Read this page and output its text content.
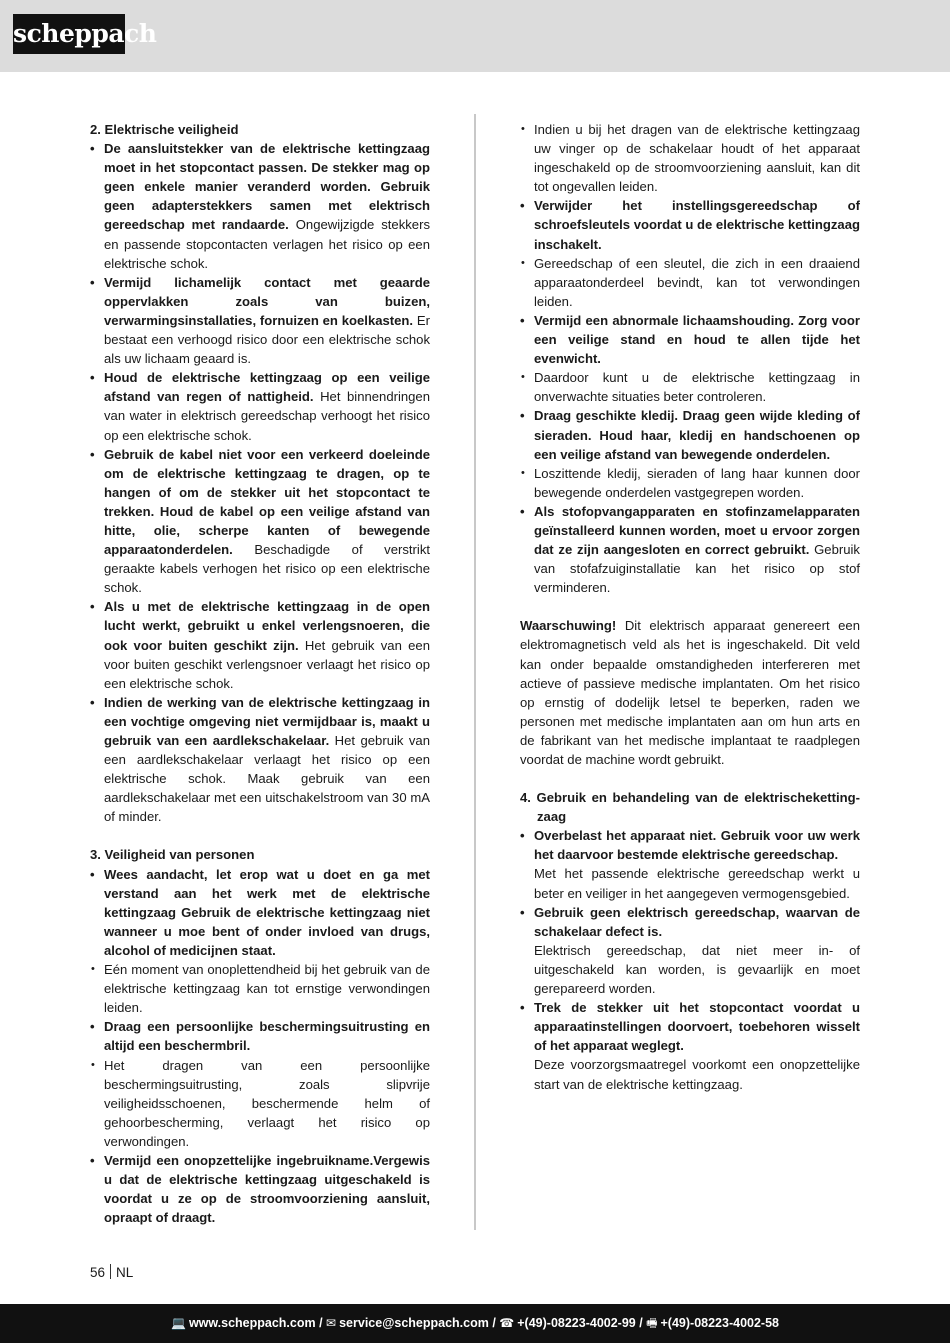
scheppach
2. Elektrische veiligheid
• De aansluitstekker van de elektrische kettingzaag moet in het stopcontact passen. De stekker mag op geen enkele manier veranderd worden. Gebruik geen adapterstekkers samen met elektrisch gereedschap met randaarde. Ongewijzigde stekkers en passende stopcontacten verlagen het risico op een elektrische schok.
• Vermijd lichamelijk contact met geaarde oppervlakken zoals van buizen, verwarmingsinstallaties, fornuizen en koelkasten. Er bestaat een verhoogd risico door een elektrische schok als uw lichaam geaard is.
• Houd de elektrische kettingzaag op een veilige afstand van regen of nattigheid. Het binnendringen van water in elektrisch gereedschap verhoogt het risico op een elektrische schok.
• Gebruik de kabel niet voor een verkeerd doeleinde om de elektrische kettingzaag te dragen, op te hangen of om de stekker uit het stopcontact te trekken. Houd de kabel op een veilige afstand van hitte, olie, scherpe kanten of bewegende apparaatonderdelen. Beschadigde of verstrikt geraakte kabels verhogen het risico op een elektrische schok.
• Als u met de elektrische kettingzaag in de open lucht werkt, gebruikt u enkel verlengsnoeren, die ook voor buiten geschikt zijn. Het gebruik van een voor buiten geschikt verlengsnoer verlaagt het risico op een elektrische schok.
• Indien de werking van de elektrische kettingzaag in een vochtige omgeving niet vermijdbaar is, maakt u gebruik van een aardlekschakelaar. Het gebruik van een aardlekschakelaar verlaagt het risico op een elektrische schok. Maak gebruik van een aardlekschakelaar met een uitschakelstroom van 30 mA of minder.
3. Veiligheid van personen
• Wees aandacht, let erop wat u doet en ga met verstand aan het werk met de elektrische kettingzaag Gebruik de elektrische kettingzaag niet wanneer u moe bent of onder invloed van drugs, alcohol of medicijnen staat.
• Eén moment van onoplettendheid bij het gebruik van de elektrische kettingzaag kan tot ernstige verwondingen leiden.
• Draag een persoonlijke beschermingsuitrusting en altijd een beschermbril.
• Het dragen van een persoonlijke beschermingsuitrusting, zoals slipvrije veiligheidsschoenen, beschermende helm of gehoorbescherming, verlaagt het risico op verwondingen.
• Vermijd een onopzettelijke ingebruikname.Vergewis u dat de elektrische kettingzaag uitgeschakeld is voordat u ze op de stroomvoorziening aansluit, opraapt of draagt.
• Indien u bij het dragen van de elektrische kettingzaag uw vinger op de schakelaar houdt of het apparaat ingeschakeld op de stroomvoorziening aansluit, kan dit tot ongevallen leiden.
• Verwijder het instellingsgereedschap of schroefsleutels voordat u de elektrische kettingzaag inschakelt.
• Gereedschap of een sleutel, die zich in een draaiend apparaatonderdeel bevindt, kan tot verwondingen leiden.
• Vermijd een abnormale lichaamshouding. Zorg voor een veilige stand en houd te allen tijde het evenwicht.
• Daardoor kunt u de elektrische kettingzaag in onverwachte situaties beter controleren.
• Draag geschikte kledij. Draag geen wijde kleding of sieraden. Houd haar, kledij en handschoenen op een veilige afstand van bewegende onderdelen.
• Loszittende kledij, sieraden of lang haar kunnen door bewegende onderdelen vastgegrepen worden.
• Als stofopvangapparaten en stofinzamelapparaten geïnstalleerd kunnen worden, moet u ervoor zorgen dat ze zijn aangesloten en correct gebruikt. Gebruik van stofafzuiginstallatie kan het risico op stof verminderen.
Waarschuwing! Dit elektrisch apparaat genereert een elektromagnetisch veld als het is ingeschakeld. Dit veld kan onder bepaalde omstandigheden interfereren met actieve of passieve medische implantaten. Om het risico op ernstig of dodelijk letsel te beperken, raden we personen met medische implantaten aan om hun arts en de fabrikant van het medische implantaat te raadplegen voordat de machine wordt gebruikt.
4. Gebruik en behandeling van de elektrischekettingzaag
• Overbelast het apparaat niet. Gebruik voor uw werk het daarvoor bestemde elektrische gereedschap.
Met het passende elektrische gereedschap werkt u beter en veiliger in het aangegeven vermogensgebied.
• Gebruik geen elektrisch gereedschap, waarvan de schakelaar defect is.
Elektrisch gereedschap, dat niet meer in- of uitgeschakeld kan worden, is gevaarlijk en moet gerepareerd worden.
• Trek de stekker uit het stopcontact voordat u apparaatinstellingen doorvoert, toebehoren wisselt of het apparaat weglegt.
Deze voorzorgsmaatregel voorkomt een onopzettelijke start van de elektrische kettingzaag.
56 NL
💻 www.scheppach.com / ✉ service@scheppach.com / ☎ +(49)-08223-4002-99 / 🖷 +(49)-08223-4002-58
